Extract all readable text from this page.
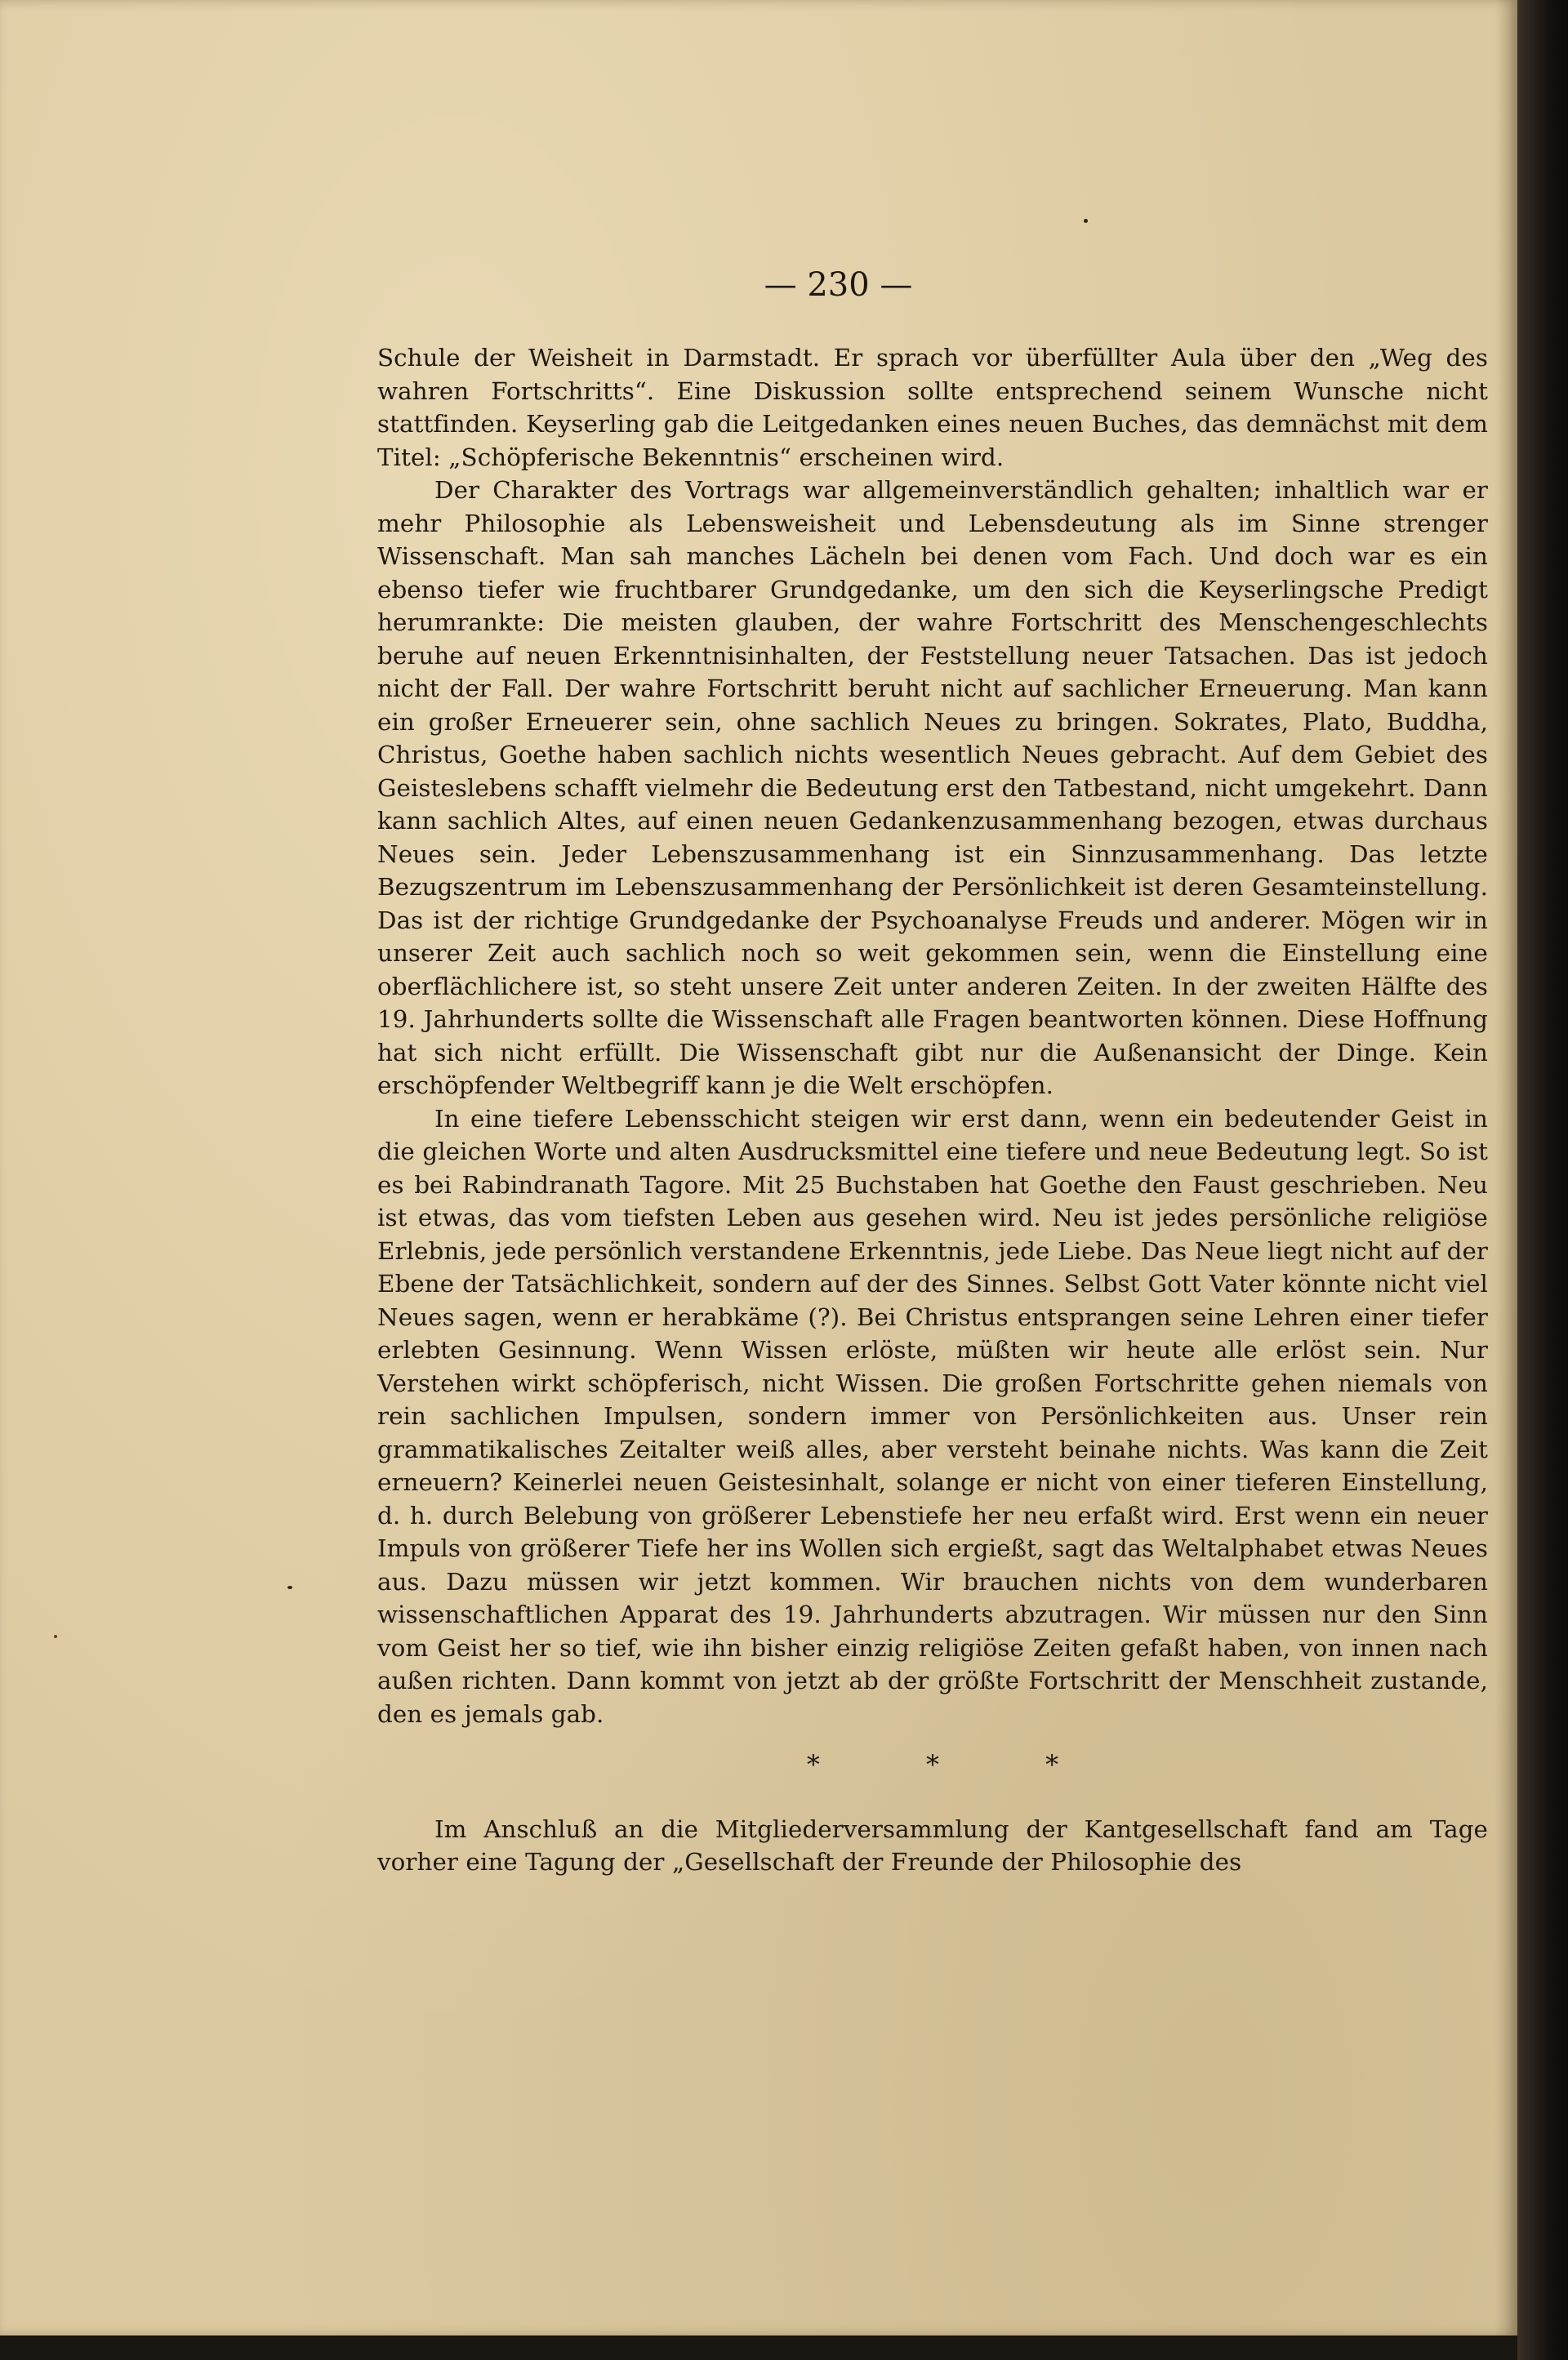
— 230 —

Schule der Weisheit in Darmstadt. Er sprach vor überfüllter Aula über den „Weg des wahren Fortschritts“. Eine Diskussion sollte entsprechend seinem Wunsche nicht stattfinden. Keyserling gab die Leitgedanken eines neuen Buches, das demnächst mit dem Titel: „Schöpferische Bekenntnis“ erscheinen wird.

Der Charakter des Vortrags war allgemeinverständlich gehalten; inhaltlich war er mehr Philosophie als Lebensweisheit und Lebensdeutung als im Sinne strenger Wissenschaft. Man sah manches Lächeln bei denen vom Fach. Und doch war es ein ebenso tiefer wie fruchtbarer Grundgedanke, um den sich die Keyserlingsche Predigt herumrankte: Die meisten glauben, der wahre Fortschritt des Menschengeschlechts beruhe auf neuen Erkenntnisinhalten, der Feststellung neuer Tatsachen. Das ist jedoch nicht der Fall. Der wahre Fortschritt beruht nicht auf sachlicher Erneuerung. Man kann ein großer Erneuerer sein, ohne sachlich Neues zu bringen. Sokrates, Plato, Buddha, Christus, Goethe haben sachlich nichts wesentlich Neues gebracht. Auf dem Gebiet des Geisteslebens schafft vielmehr die Bedeutung erst den Tatbestand, nicht umgekehrt. Dann kann sachlich Altes, auf einen neuen Gedankenzusammenhang bezogen, etwas durchaus Neues sein. Jeder Lebenszusammenhang ist ein Sinnzusammenhang. Das letzte Bezugszentrum im Lebenszusammenhang der Persönlichkeit ist deren Gesamteinstellung. Das ist der richtige Grundgedanke der Psychoanalyse Freuds und anderer. Mögen wir in unserer Zeit auch sachlich noch so weit gekommen sein, wenn die Einstellung eine oberflächlichere ist, so steht unsere Zeit unter anderen Zeiten. In der zweiten Hälfte des 19. Jahrhunderts sollte die Wissenschaft alle Fragen beantworten können. Diese Hoffnung hat sich nicht erfüllt. Die Wissenschaft gibt nur die Außenansicht der Dinge. Kein erschöpfender Weltbegriff kann je die Welt erschöpfen.

In eine tiefere Lebensschicht steigen wir erst dann, wenn ein bedeutender Geist in die gleichen Worte und alten Ausdrucksmittel eine tiefere und neue Bedeutung legt. So ist es bei Rabindranath Tagore. Mit 25 Buchstaben hat Goethe den Faust geschrieben. Neu ist etwas, das vom tiefsten Leben aus gesehen wird. Neu ist jedes persönliche religiöse Erlebnis, jede persönlich verstandene Erkenntnis, jede Liebe. Das Neue liegt nicht auf der Ebene der Tatsächlichkeit, sondern auf der des Sinnes. Selbst Gott Vater könnte nicht viel Neues sagen, wenn er herabkäme (?). Bei Christus entsprangen seine Lehren einer tiefer erlebten Gesinnung. Wenn Wissen erlöste, müßten wir heute alle erlöst sein. Nur Verstehen wirkt schöpferisch, nicht Wissen. Die großen Fortschritte gehen niemals von rein sachlichen Impulsen, sondern immer von Persönlichkeiten aus. Unser rein grammatikalisches Zeitalter weiß alles, aber versteht beinahe nichts. Was kann die Zeit erneuern? Keinerlei neuen Geistesinhalt, solange er nicht von einer tieferen Einstellung, d. h. durch Belebung von größerer Lebenstiefe her neu erfaßt wird. Erst wenn ein neuer Impuls von größerer Tiefe her ins Wollen sich ergießt, sagt das Weltalphabet etwas Neues aus. Dazu müssen wir jetzt kommen. Wir brauchen nichts von dem wunderbaren wissenschaftlichen Apparat des 19. Jahrhunderts abzutragen. Wir müssen nur den Sinn vom Geist her so tief, wie ihn bisher einzig religiöse Zeiten gefaßt haben, von innen nach außen richten. Dann kommt von jetzt ab der größte Fortschritt der Menschheit zustande, den es jemals gab.

* * *

Im Anschluß an die Mitgliederversammlung der Kantgesellschaft fand am Tage vorher eine Tagung der „Gesellschaft der Freunde der Philosophie des
